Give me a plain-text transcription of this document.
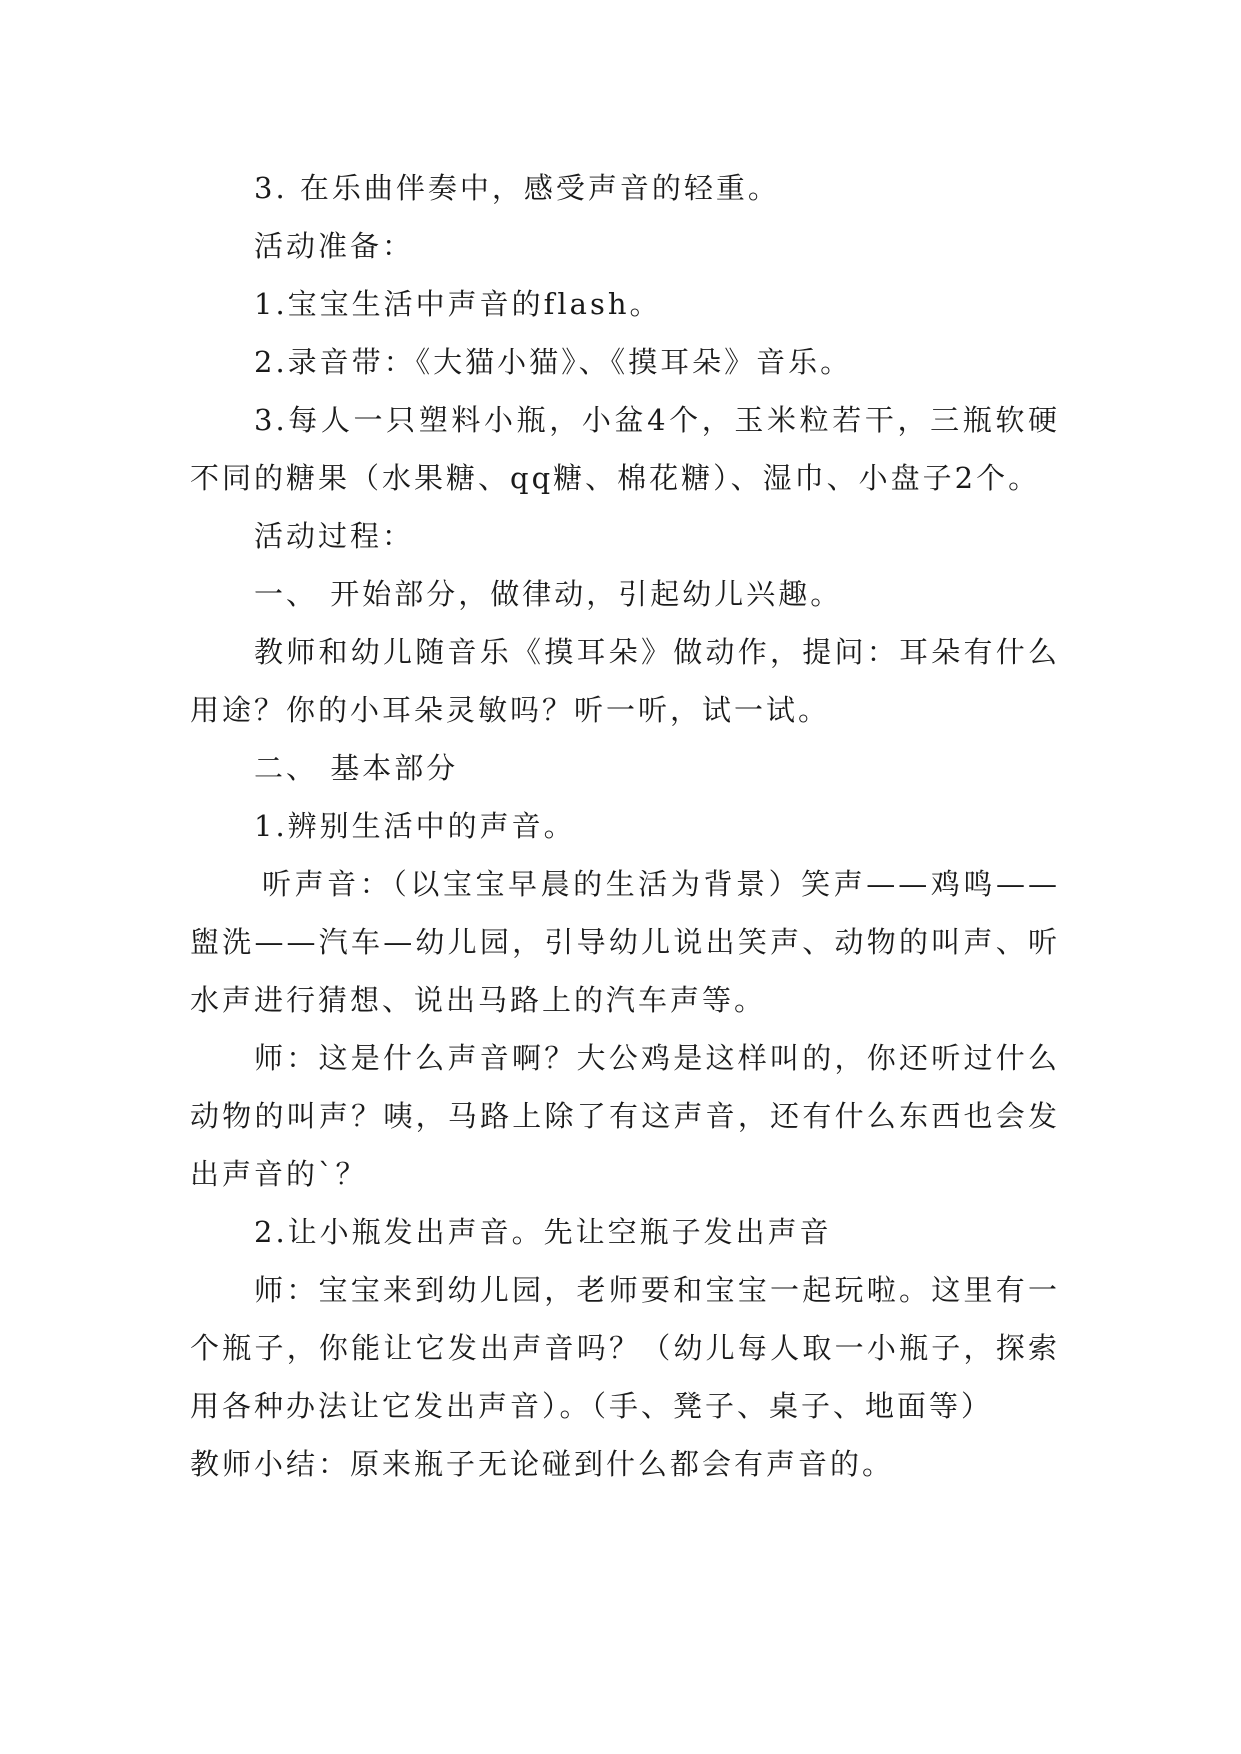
3. 在乐曲伴奏中，感受声音的轻重。

活动准备：

1.宝宝生活中声音的flash。

2.录音带：《大猫小猫》、《摸耳朵》音乐。

3.每人一只塑料小瓶，小盆4个，玉米粒若干，三瓶软硬不同的糖果（水果糖、qq糖、棉花糖）、湿巾、小盘子2个。

活动过程：

一、 开始部分，做律动，引起幼儿兴趣。

教师和幼儿随音乐《摸耳朵》做动作，提问：耳朵有什么用途？你的小耳朵灵敏吗？听一听，试一试。

二、 基本部分

1.辨别生活中的声音。

听声音：（以宝宝早晨的生活为背景）笑声——鸡鸣——盥洗——汽车—幼儿园，引导幼儿说出笑声、动物的叫声、听水声进行猜想、说出马路上的汽车声等。

师：这是什么声音啊？大公鸡是这样叫的，你还听过什么动物的叫声？咦，马路上除了有这声音，还有什么东西也会发出声音的`？

2.让小瓶发出声音。先让空瓶子发出声音

师：宝宝来到幼儿园，老师要和宝宝一起玩啦。这里有一个瓶子，你能让它发出声音吗？（幼儿每人取一小瓶子，探索用各种办法让它发出声音）。（手、凳子、桌子、地面等）

教师小结：原来瓶子无论碰到什么都会有声音的。
